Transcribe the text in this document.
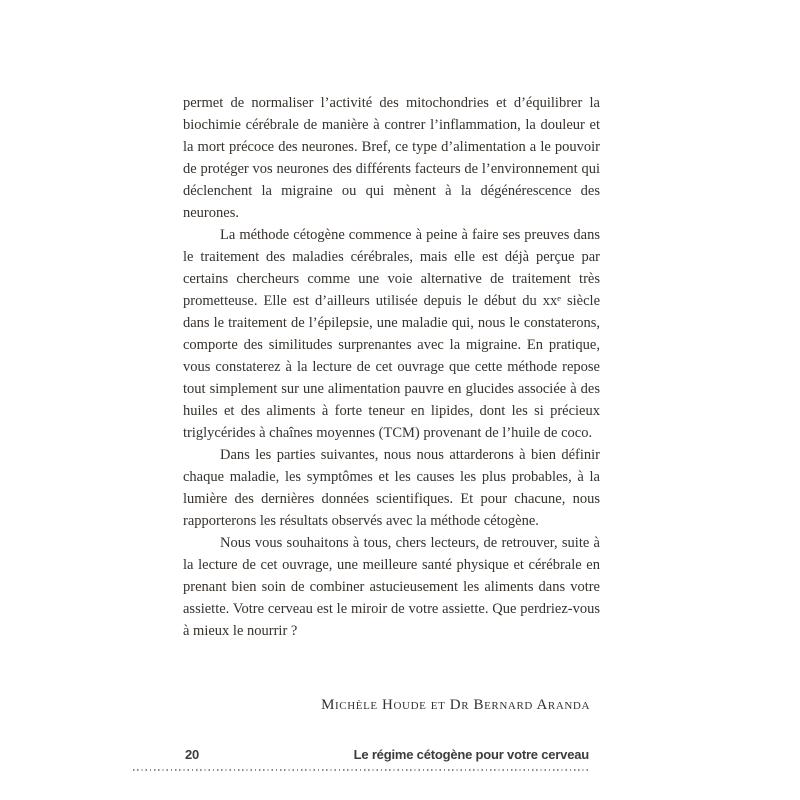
permet de normaliser l’activité des mitochondries et d’équilibrer la biochimie cérébrale de manière à contrer l’inflammation, la douleur et la mort précoce des neurones. Bref, ce type d’alimentation a le pouvoir de protéger vos neurones des différents facteurs de l’environnement qui déclenchent la migraine ou qui mènent à la dégénérescence des neurones.

La méthode cétogène commence à peine à faire ses preuves dans le traitement des maladies cérébrales, mais elle est déjà perçue par certains chercheurs comme une voie alternative de traitement très prometteuse. Elle est d’ailleurs utilisée depuis le début du xxᵉ siècle dans le traitement de l’épilepsie, une maladie qui, nous le constaterons, comporte des similitudes surprenantes avec la migraine. En pratique, vous constaterez à la lecture de cet ouvrage que cette méthode repose tout simplement sur une alimentation pauvre en glucides associée à des huiles et des aliments à forte teneur en lipides, dont les si précieux triglycérides à chaînes moyennes (TCM) provenant de l’huile de coco.

Dans les parties suivantes, nous nous attarderons à bien définir chaque maladie, les symptômes et les causes les plus probables, à la lumière des dernières données scientifiques. Et pour chacune, nous rapporterons les résultats observés avec la méthode cétogène.

Nous vous souhaitons à tous, chers lecteurs, de retrouver, suite à la lecture de cet ouvrage, une meilleure santé physique et cérébrale en prenant bien soin de combiner astucieusement les aliments dans votre assiette. Votre cerveau est le miroir de votre assiette. Que perdriez-vous à mieux le nourrir ?

Michèle Houde et Dr Bernard Aranda
20	Le régime cétogène pour votre cerveau
